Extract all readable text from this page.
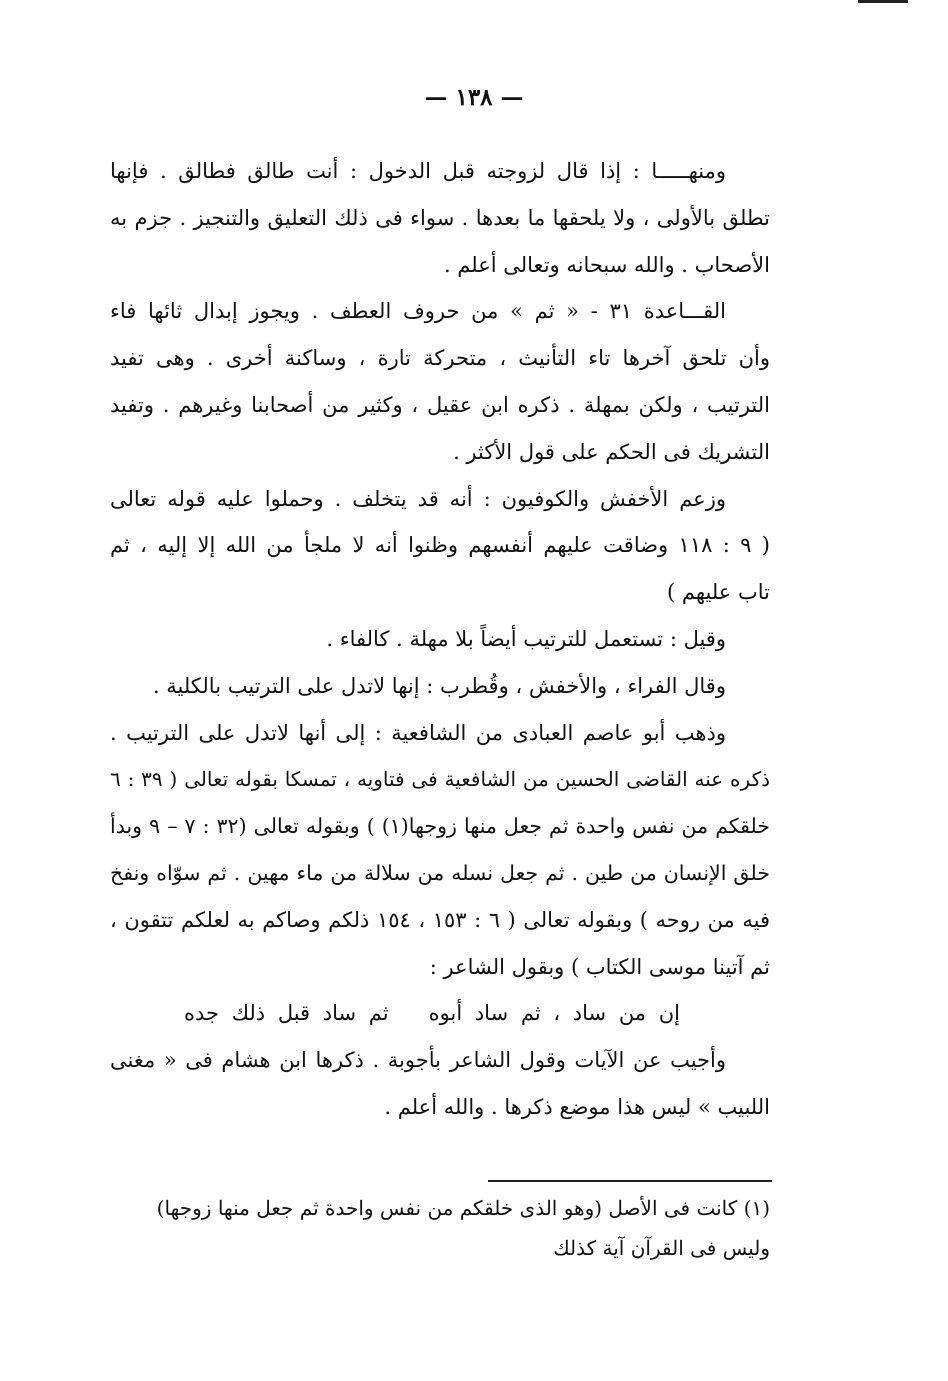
— ١٣٨ —
ومنهـــــا : إذا قال لزوجته قبل الدخول : أنت طالق فطالق . فإنها
تطلق بالأولى ، ولا يلحقها ما بعدها . سواء فى ذلك التعليق والتنجيز . جزم به
الأصحاب . والله سبحانه وتعالى أعلم .
القـــاعدة ٣١ - « ثم » من حروف العطف . ويجوز إبدال ثائها فاء
وأن تلحق آخرها تاء التأنيث ، متحركة تارة ، وساكنة أخرى . وهى تفيد
الترتيب ، ولكن بمهلة . ذكره ابن عقيل ، وكثير من أصحابنا وغيرهم . وتفيد
التشريك فى الحكم على قول الأكثر .
وزعم الأخفش والكوفيون : أنه قد يتخلف . وحملوا عليه قوله تعالى
( ٩ : ١١٨ وضاقت عليهم أنفسهم وظنوا أنه لا ملجأ من الله إلا إليه ، ثم
تاب عليهم )
وقيل : تستعمل للترتيب أيضاً بلا مهلة . كالفاء .
وقال الفراء ، والأخفش ، وقُطرب : إنها لاتدل على الترتيب بالكلية .
وذهب أبو عاصم العبادى من الشافعية : إلى أنها لاتدل على الترتيب .
ذكره عنه القاضى الحسين من الشافعية فى فتاويه ، تمسكا بقوله تعالى ( ٣٩ : ٦
خلقكم من نفس واحدة ثم جعل منها زوجها(١) ) وبقوله تعالى (٣٢ : ٧ – ٩ وبدأ
خلق الإنسان من طين . ثم جعل نسله من سلالة من ماء مهين . ثم سوّاه ونفخ
فيه من روحه ) وبقوله تعالى ( ٦ : ١٥٣ ، ١٥٤ ذلكم وصاكم به لعلكم تتقون ،
ثم آتينا موسى الكتاب ) وبقول الشاعر :
إن من ساد ، ثم ساد أبوهثم ساد قبل ذلك جده
وأجيب عن الآيات وقول الشاعر بأجوبة . ذكرها ابن هشام فى « مغنى
اللبيب » ليس هذا موضع ذكرها . والله أعلم .
(١) كانت فى الأصل (وهو الذى خلقكم من نفس واحدة ثم جعل منها زوجها)
وليس فى القرآن آية كذلك
